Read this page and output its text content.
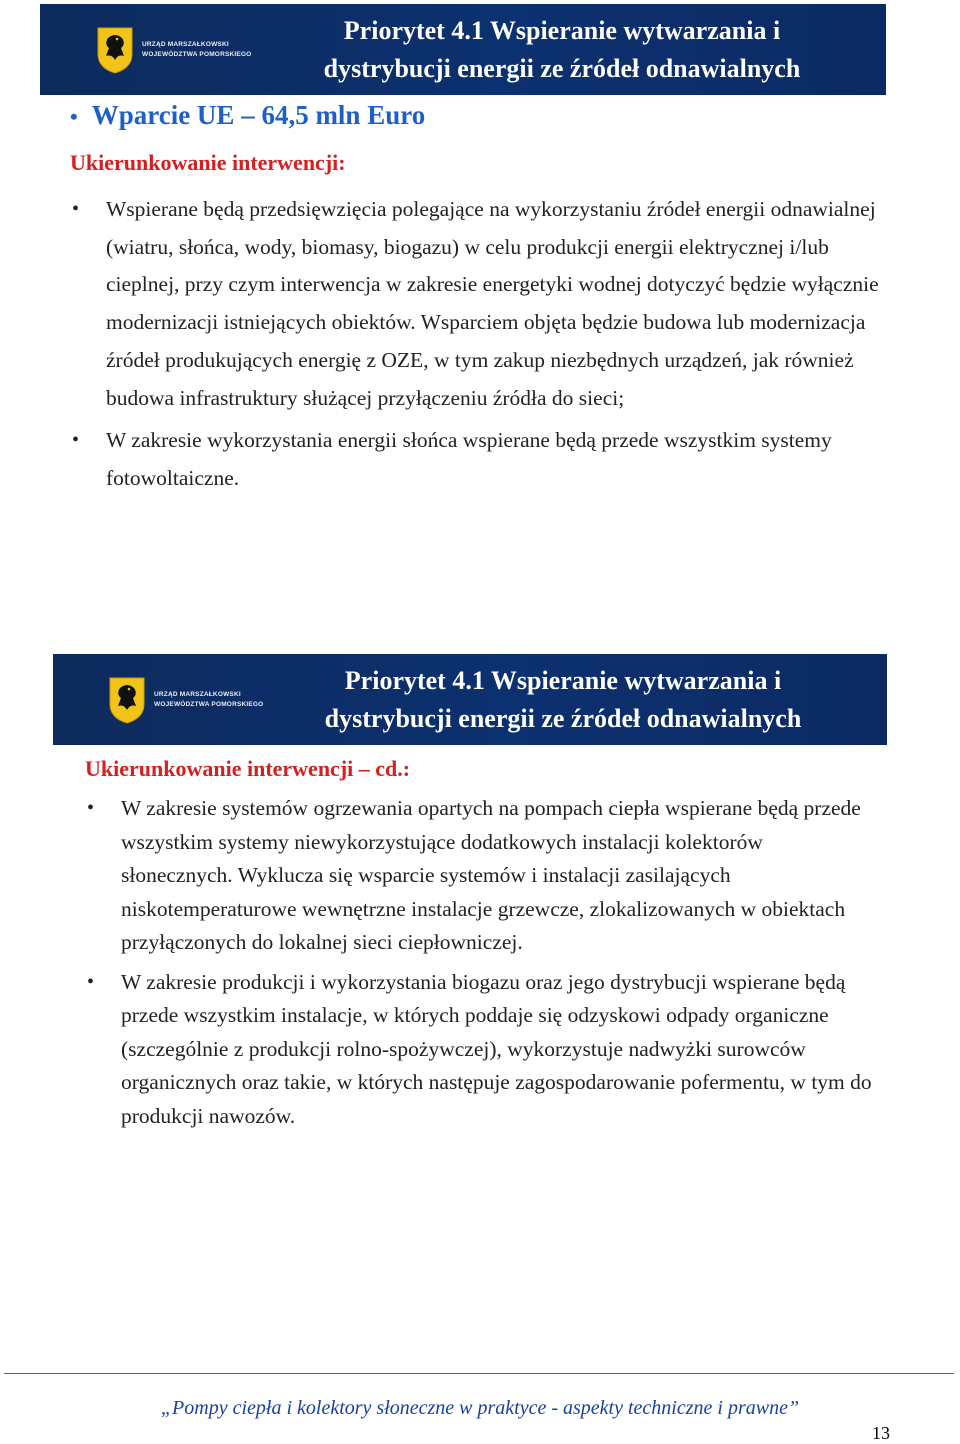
URZĄD MARSZAŁKOWSKI
WOJEWÓDZTWA POMORSKIEGO
Priorytet 4.1 Wspieranie wytwarzania i
dystrybucji energii ze źródeł odnawialnych
• Wparcie UE – 64,5 mln Euro
Ukierunkowanie interwencji:
• Wspierane będą przedsięwzięcia polegające na wykorzystaniu źródeł energii odnawialnej (wiatru, słońca, wody, biomasy, biogazu) w celu produkcji energii elektrycznej i/lub cieplnej, przy czym interwencja w zakresie energetyki wodnej dotyczyć będzie wyłącznie modernizacji istniejących obiektów. Wsparciem objęta będzie budowa lub modernizacja źródeł produkujących energię z OZE, w tym zakup niezbędnych urządzeń, jak również budowa infrastruktury służącej przyłączeniu źródła do sieci;
• W zakresie wykorzystania energii słońca wspierane będą przede wszystkim systemy fotowoltaiczne.
URZĄD MARSZAŁKOWSKI
WOJEWÓDZTWA POMORSKIEGO
Priorytet 4.1 Wspieranie wytwarzania i
dystrybucji energii ze źródeł odnawialnych
Ukierunkowanie interwencji – cd.:
• W zakresie systemów ogrzewania opartych na pompach ciepła wspierane będą przede wszystkim systemy niewykorzystujące dodatkowych instalacji kolektorów słonecznych. Wyklucza się wsparcie systemów i instalacji zasilających niskotemperaturowe wewnętrzne instalacje grzewcze, zlokalizowanych w obiektach przyłączonych do lokalnej sieci ciepłowniczej.
• W zakresie produkcji i wykorzystania biogazu oraz jego dystrybucji wspierane będą przede wszystkim instalacje, w których poddaje się odzyskowi odpady organiczne (szczególnie z produkcji rolno-spożywczej), wykorzystuje nadwyżki surowców organicznych oraz takie, w których następuje zagospodarowanie pofermentu, w tym do produkcji nawozów.
„Pompy ciepła i kolektory słoneczne w praktyce - aspekty techniczne i prawne”
13
